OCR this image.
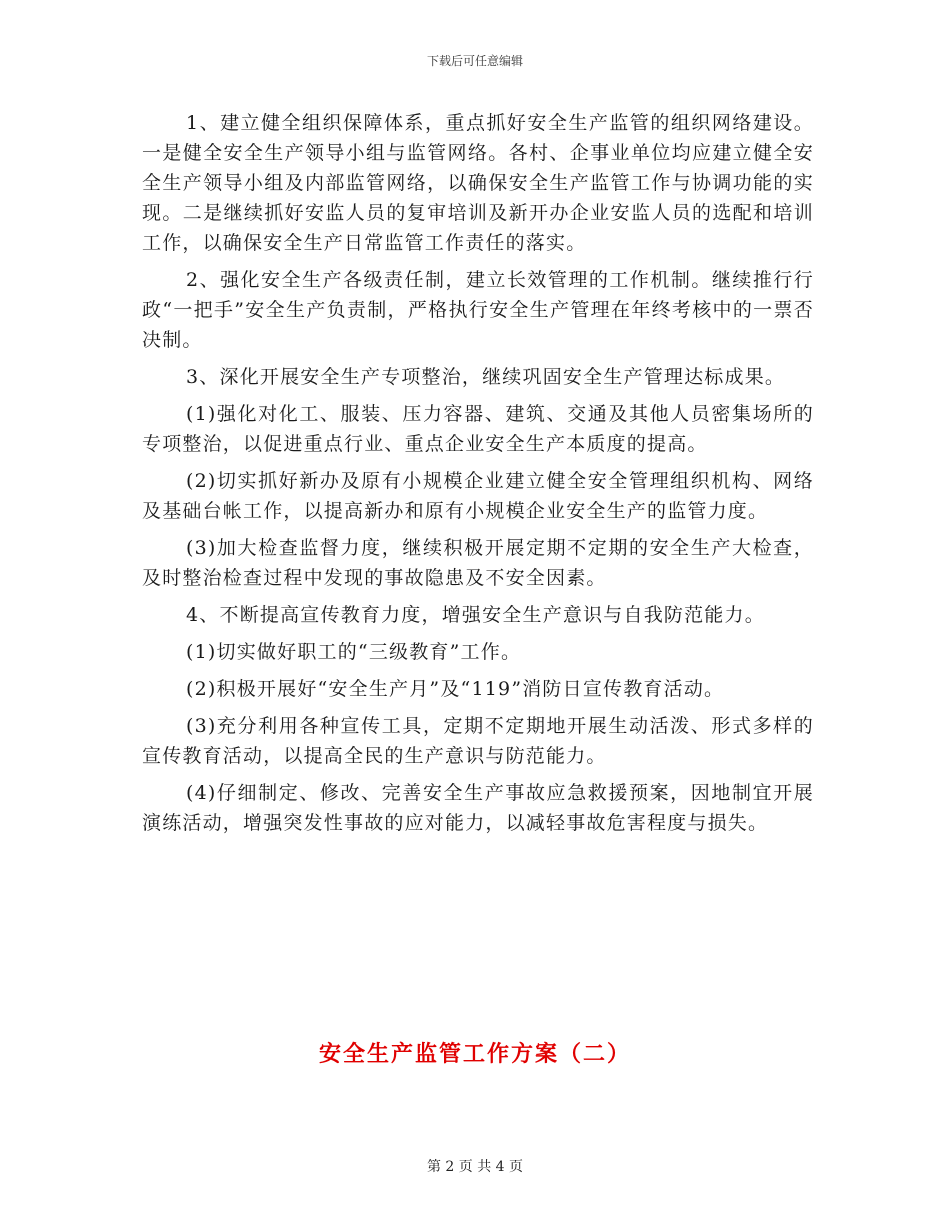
下载后可任意编辑

1、建立健全组织保障体系，重点抓好安全生产监管的组织网络建设。一是健全安全生产领导小组与监管网络。各村、企事业单位均应建立健全安全生产领导小组及内部监管网络，以确保安全生产监管工作与协调功能的实现。二是继续抓好安监人员的复审培训及新开办企业安监人员的选配和培训工作，以确保安全生产日常监管工作责任的落实。

2、强化安全生产各级责任制，建立长效管理的工作机制。继续推行行政“一把手”安全生产负责制，严格执行安全生产管理在年终考核中的一票否决制。

3、深化开展安全生产专项整治，继续巩固安全生产管理达标成果。

(1)强化对化工、服装、压力容器、建筑、交通及其他人员密集场所的专项整治，以促进重点行业、重点企业安全生产本质度的提高。

(2)切实抓好新办及原有小规模企业建立健全安全管理组织机构、网络及基础台帐工作，以提高新办和原有小规模企业安全生产的监管力度。

(3)加大检查监督力度，继续积极开展定期不定期的安全生产大检查，及时整治检查过程中发现的事故隐患及不安全因素。

4、不断提高宣传教育力度，增强安全生产意识与自我防范能力。

(1)切实做好职工的“三级教育”工作。

(2)积极开展好“安全生产月”及“119”消防日宣传教育活动。

(3)充分利用各种宣传工具，定期不定期地开展生动活泼、形式多样的宣传教育活动，以提高全民的生产意识与防范能力。

(4)仔细制定、修改、完善安全生产事故应急救援预案，因地制宜开展演练活动，增强突发性事故的应对能力，以减轻事故危害程度与损失。

安全生产监管工作方案（二）
第 2 页 共 4 页
